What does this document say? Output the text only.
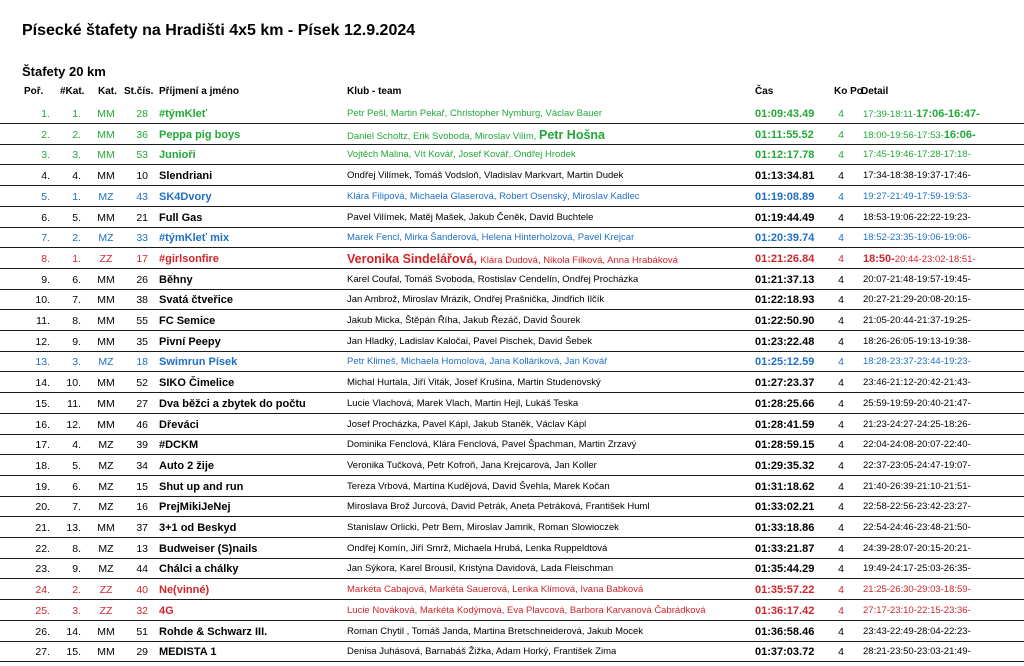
Písecké štafety na Hradišti 4x5 km - Písek 12.9.2024
Štafety 20 km
Poř. #Kat. Kat. St.čís. Příjmení a jméno	Klub - team	Čas	Ko Po
Detail
1.	1.	MM	28 #týmKleť	Petr Pešl, Martin Pekař, Christopher Nymburg, Václav Bauer	01:09:43.49 4 17:39-18:11-17:06-16:47-
2.	2.	MM	36 Peppa pig boys	Daniel Scholtz, Erik Svoboda, Miroslav Vilím, Petr Hošna	01:11:55.52 4 18:00-19:56-17:53-16:06-
3.	3.	MM	53 Junioři	Vojtěch Malina, Vít Kovář, Josef Kovář, Ondřej Hrodek	01:12:17.78 4 17:45-19:46-17:28-17:18-
4.	4.	MM	10 Slendriani	Ondřej Vilímek, Tomáš Vodsloň, Vladislav Markvart, Martin Dudek	01:13:34.81 4 17:34-18:38-19:37-17:46-
5.	1.	MZ	43 SK4Dvory	Klára Filipová, Michaela Glaserová, Robert Osenský, Miroslav Kadlec	01:19:08.89 4 19:27-21:49-17:59-19:53-
6.	5.	MM	21 Full Gas	Pavel Vilímek, Matěj Mašek, Jakub Čeněk, David Buchtele	01:19:44.49 4 18:53-19:06-22:22-19:23-
7.	2.	MZ	33 #týmKleť mix	Marek Fencl, Mirka Šanderová, Helena Hinterholzová, Pavel Krejcar	01:20:39.74 4 18:52-23:35-19:06-19:06-
8.	1.	ZZ	17 #girlsonfire	Veronika Šindelářová, Klára Dudová, Nikola Filková, Anna Hrabáková	01:21:26.84 4 18:50-20:44-23:02-18:51-
9.	6.	MM	26 Běhny	Karel Coufal, Tomáš Svoboda, Rostislav Cendelín, Ondřej Procházka	01:21:37.13 4 20:07-21:48-19:57-19:45-
10.	7.	MM	38 Svatá čtveřice	Jan Ambrož, Miroslav Mrázik, Ondřej Prašnička, Jindřich Ilčík	01:22:18.93 4 20:27-21:29-20:08-20:15-
11.	8.	MM	55 FC Semice	Jakub Micka, Štěpán Říha, Jakub Řezáč, David Šourek	01:22:50.90 4 21:05-20:44-21:37-19:25-
12.	9.	MM	35 Pivní Peepy	Jan Hladký, Ladislav Kaločai, Pavel Pischek, David Šebek	01:23:22.48 4 18:26-26:05-19:13-19:38-
13.	3.	MZ	18 Swimrun Písek	Petr Klimeš, Michaela Homolová, Jana Kolláriková, Jan Kovář	01:25:12.59 4 18:28-23:37-23:44-19:23-
14.	10.	MM	52 SIKO Čimelice	Michal Hurtala, Jiří Viták, Josef Krušina, Martin Studenovský	01:27:23.37 4 23:46-21:12-20:42-21:43-
15.	11.	MM	27 Dva běžci a zbytek do počtu	Lucie Vlachová, Marek Vlach, Martin Hejl, Lukáš Teska	01:28:25.66 4 25:59-19:59-20:40-21:47-
16.	12.	MM	46 Dřeváci	Josef Procházka, Pavel Kápl, Jakub Staněk, Václav Kápl	01:28:41.59 4 21:23-24:27-24:25-18:26-
17.	4.	MZ	39 #DCKM	Dominika Fenclová, Klára Fenclová, Pavel Špachman, Martin Zrzavý	01:28:59.15 4 22:04-24:08-20:07-22:40-
18.	5.	MZ	34 Auto 2 žije	Veronika Tučková, Petr Kofroň, Jana Krejcarová, Jan Koller	01:29:35.32 4 22:37-23:05-24:47-19:07-
19.	6.	MZ	15 Shut up and run	Tereza Vrbová, Martina Kudějová, David Švehla, Marek Kočan	01:31:18.62 4 21:40-26:39-21:10-21:51-
20.	7.	MZ	16 PrejMikiJeNej	Miroslava Brož Jurcová, David Petrák, Aneta Petráková, František Huml	01:33:02.21 4 22:58-22:56-23:42-23:27-
21.	13.	MM	37 3+1 od Beskyd	Stanislaw Orlicki, Petr Bem, Miroslav Jamrik, Roman Slowioczek	01:33:18.86 4 22:54-24:46-23:48-21:50-
22.	8.	MZ	13 Budweiser (S)nails	Ondřej Komín, Jiří Smrž, Michaela Hrubá, Lenka Ruppeldtová	01:33:21.87 4 24:39-28:07-20:15-20:21-
23.	9.	MZ	44 Chálci a chálky	Jan Sýkora, Karel Brousil, Kristýna Davidová, Lada Fleischman	01:35:44.29 4 19:49-24:17-25:03-26:35-
24.	2.	ZZ	40 Ne(vinné)	Markéta Cabajová, Markéta Sauerová, Lenka Klímová, Ivana Babková	01:35:57.22 4 21:25-26:30-29:03-18:59-
25.	3.	ZZ	32 4G	Lucie Nováková, Markéta Kodýmová, Eva Plavcová, Barbora Karvanová Čabrádková	01:36:17.42 4 27:17-23:10-22:15-23:36-
26.	14.	MM	51 Rohde & Schwarz III.	Roman Chytil , Tomáš Janda, Martina Bretschneiderová, Jakub Mocek	01:36:58.46 4 23:43-22:49-28:04-22:23-
27.	15.	MM	29 MEDISTA 1	Denisa Juhásová, Barnabáš Žižka, Adam Horký, František Zima	01:37:03.72 4 28:21-23:50-23:03-21:49-
